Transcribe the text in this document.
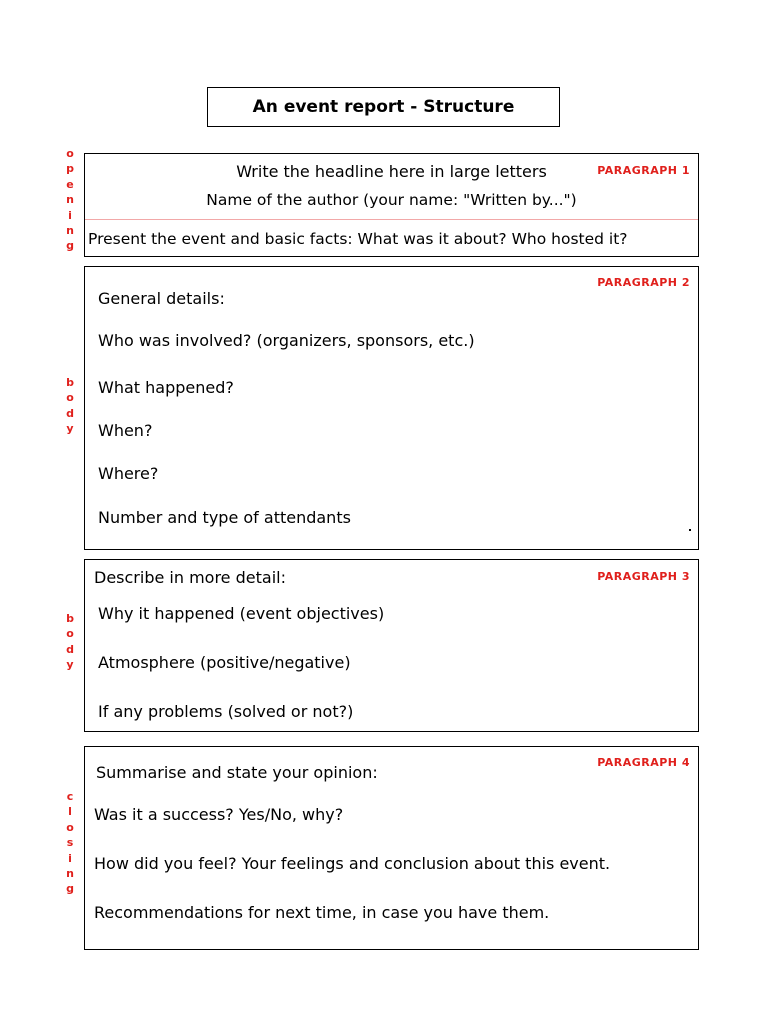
An event report - Structure
o
p
e
n
i
n
g
b
o
d
y
b
o
d
y
c
l
o
s
i
n
g
PARAGRAPH 1
Write the headline here in large letters
Name of the author (your name: "Written by...")
Present the event and basic facts: What was it about? Who hosted it?
PARAGRAPH 2
General details:
Who was involved? (organizers, sponsors, etc.)
What happened?
When?
Where?
Number and type of attendants
PARAGRAPH 3
Describe in more detail:
Why it happened (event objectives)
Atmosphere (positive/negative)
If any problems (solved or not?)
PARAGRAPH 4
Summarise and state your opinion:
Was it a success? Yes/No, why?
How did you feel? Your feelings and conclusion about this event.
Recommendations for next time, in case you have them.
